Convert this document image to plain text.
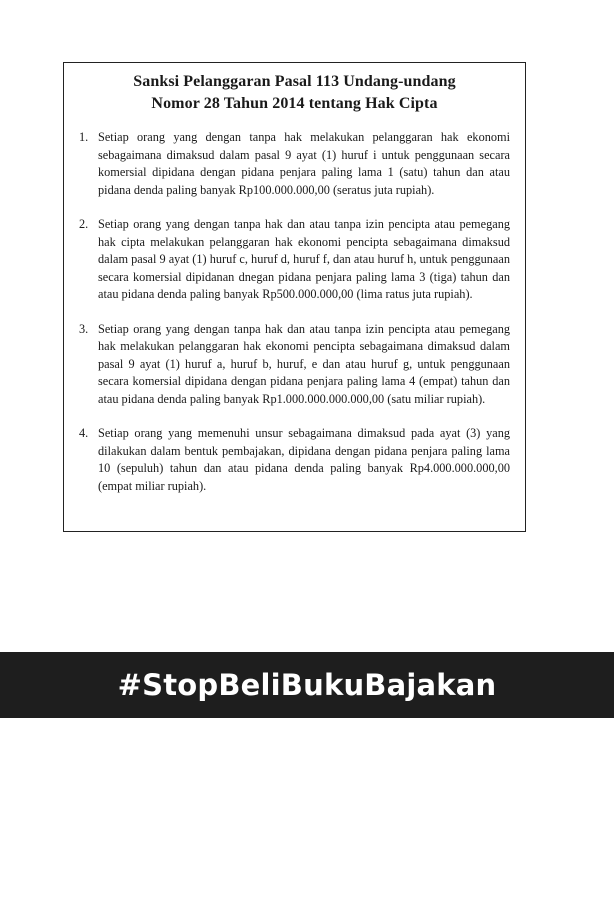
Sanksi Pelanggaran Pasal 113 Undang-undang
Nomor 28 Tahun 2014 tentang Hak Cipta
1. Setiap orang yang dengan tanpa hak melakukan pelanggaran hak ekonomi sebagaimana dimaksud dalam pasal 9 ayat (1) huruf i untuk penggunaan secara komersial dipidana dengan pidana penjara paling lama 1 (satu) tahun dan atau pidana denda paling banyak Rp100.000.000,00 (seratus juta rupiah).
2. Setiap orang yang dengan tanpa hak dan atau tanpa izin pencipta atau pemegang hak cipta melakukan pelanggaran hak ekonomi pencipta sebagaimana dimaksud dalam pasal 9 ayat (1) huruf c, huruf d, huruf f, dan atau huruf h, untuk penggunaan secara komersial dipidanan dnegan pidana penjara paling lama 3 (tiga) tahun dan atau pidana denda paling banyak Rp500.000.000,00 (lima ratus juta rupiah).
3. Setiap orang yang dengan tanpa hak dan atau tanpa izin pencipta atau pemegang hak melakukan pelanggaran hak ekonomi pencipta sebagaimana dimaksud dalam pasal 9 ayat (1) huruf a, huruf b, huruf, e dan atau huruf g, untuk penggunaan secara komersial dipidana dengan pidana penjara paling lama 4 (empat) tahun dan atau pidana denda paling banyak Rp1.000.000.000.000,00 (satu miliar rupiah).
4. Setiap orang yang memenuhi unsur sebagaimana dimaksud pada ayat (3) yang dilakukan dalam bentuk pembajakan, dipidana dengan pidana penjara paling lama 10 (sepuluh) tahun dan atau pidana denda paling banyak Rp4.000.000.000,00 (empat miliar rupiah).
#StopBeliBukuBajakan
